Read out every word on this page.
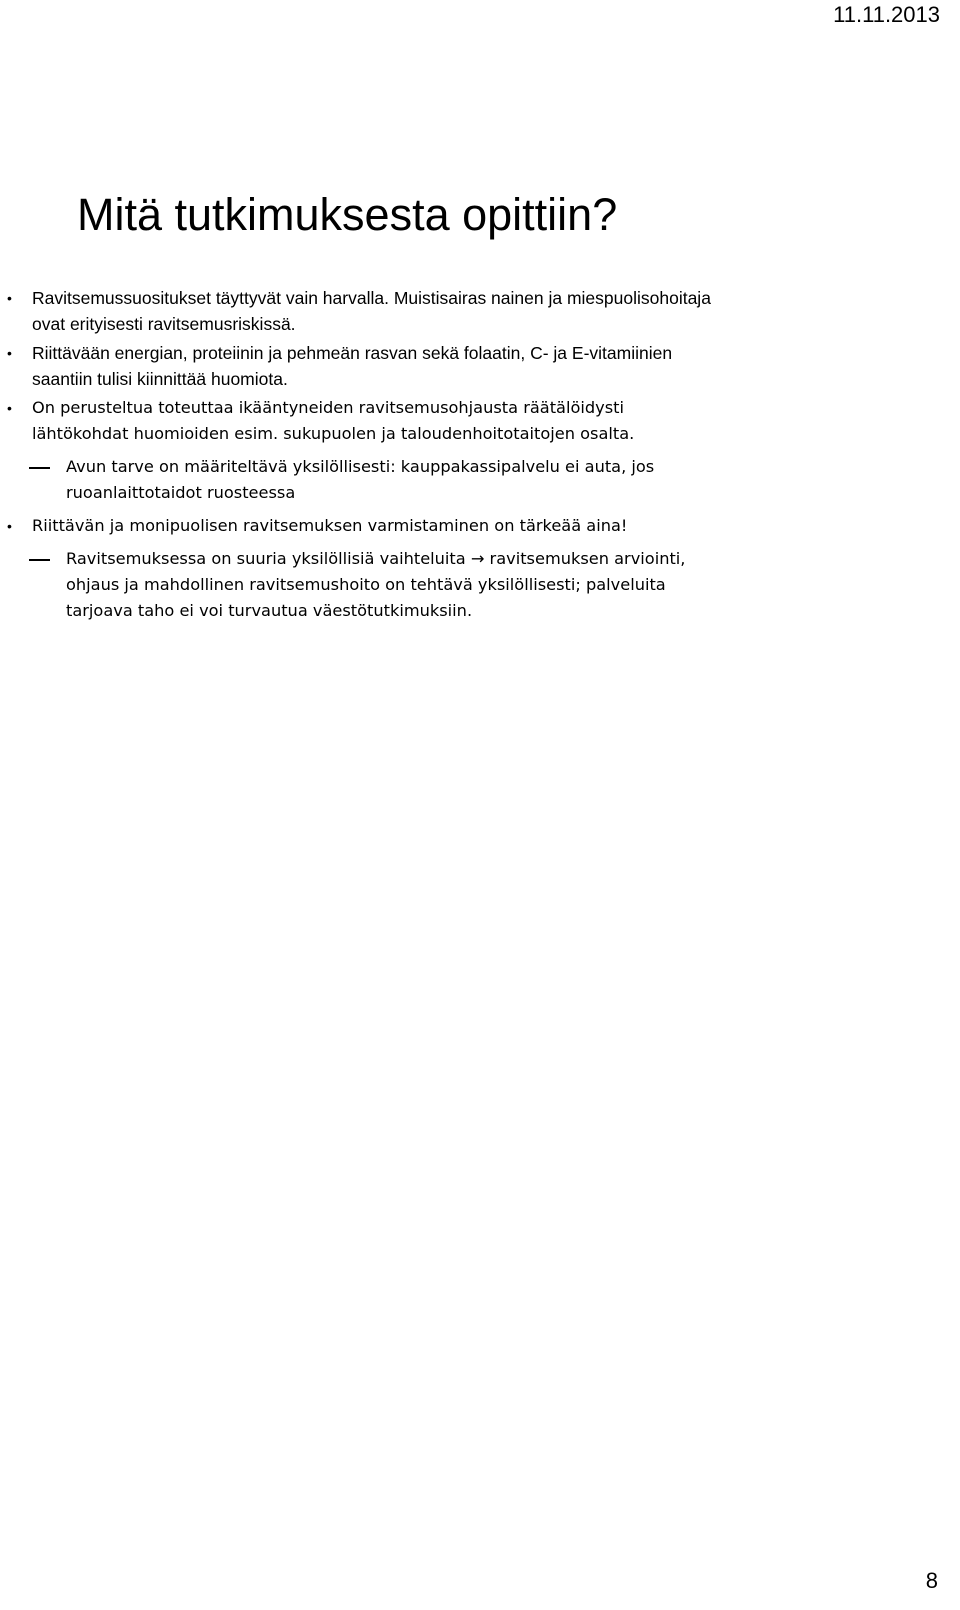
11.11.2013
Mitä tutkimuksesta opittiin?
• Ravitsemussuositukset täyttyvät vain harvalla. Muistisairas nainen ja miespuolisohoitaja ovat erityisesti ravitsemusriskissä.
• Riittävään energian, proteiinin ja pehmeän rasvan sekä folaatin, C- ja E-vitamiinien saantiin tulisi kiinnittää huomiota.
• On perusteltua toteuttaa ikääntyneiden ravitsemusohjausta räätälöidysti lähtökohdat huomioiden esim. sukupuolen ja taloudenhoitotaitojen osalta.
Avun tarve on määriteltävä yksilöllisesti: kauppakassipalvelu ei auta, jos ruoanlaittotaidot ruosteessa
• Riittävän ja monipuolisen ravitsemuksen varmistaminen on tärkeää aina!
Ravitsemuksessa on suuria yksilöllisiä vaihteluita → ravitsemuksen arviointi, ohjaus ja mahdollinen ravitsemushoito on tehtävä yksilöllisesti; palveluita tarjoava taho ei voi turvautua väestötutkimuksiin.
8
